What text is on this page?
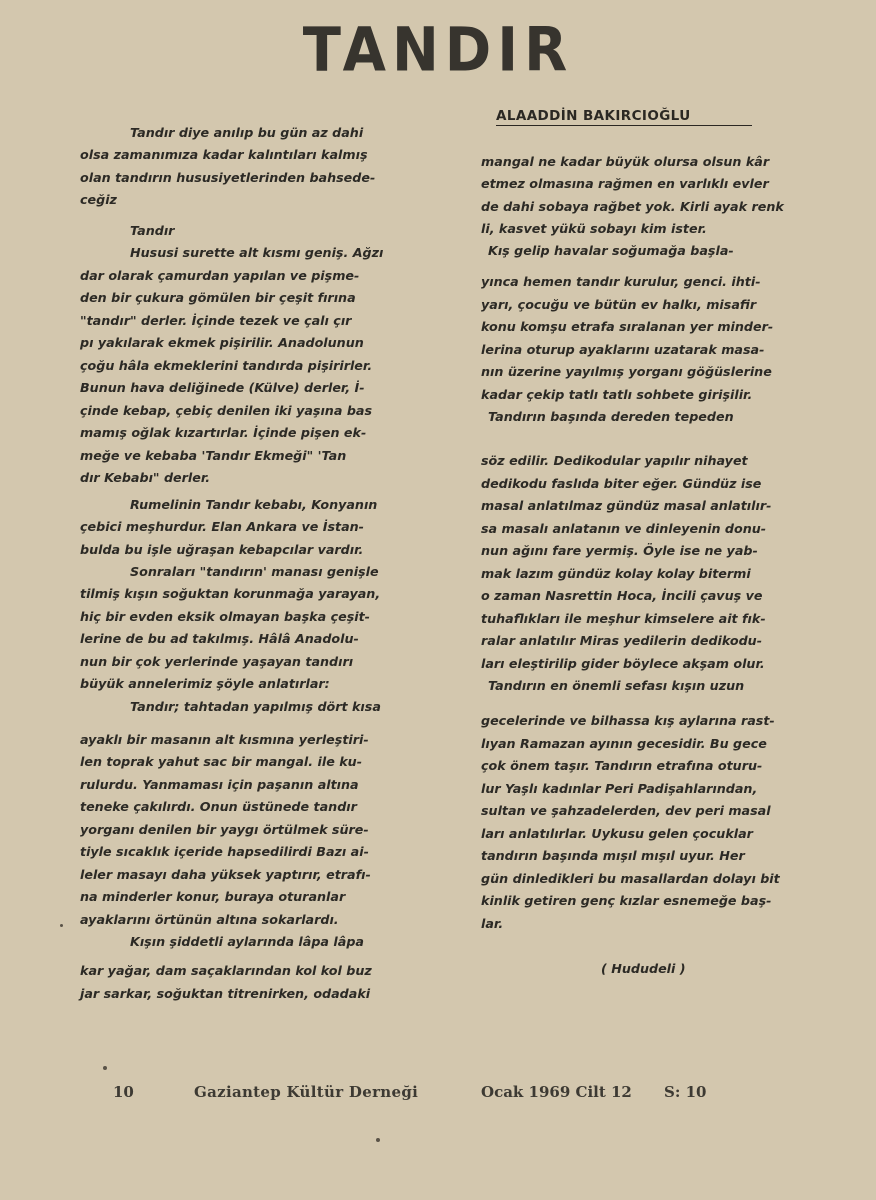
TANDIR
ALAADDİN BAKIRCIOĞLU
Tandır diye anılıp bu gün az dahi
olsa zamanımıza kadar kalıntıları kalmış
olan tandırın hususiyetlerinden bahsede-
ceğiz
Tandır
Hususi surette alt kısmı geniş. Ağzı
dar olarak çamurdan yapılan ve pişme-
den bir çukura gömülen bir çeşit fırına
"tandır" derler. İçinde tezek ve çalı çır
pı yakılarak ekmek pişirilir. Anadolunun
çoğu hâla ekmeklerini tandırda pişirirler.
Bunun hava deliğinede (Külve) derler, İ-
çinde kebap, çebiç denilen iki yaşına bas
mamış oğlak kızartırlar. İçinde pişen ek-
meğe ve kebaba 'Tandır Ekmeği" 'Tan
dır Kebabı" derler.
Rumelinin Tandır kebabı, Konyanın
çebici meşhurdur. Elan Ankara ve İstan-
bulda bu işle uğraşan kebapcılar vardır.
Sonraları "tandırın' manası genişle
tilmiş kışın soğuktan korunmağa yarayan,
hiç bir evden eksik olmayan başka çeşit-
lerine de bu ad takılmış. Hâlâ Anadolu-
nun bir çok yerlerinde yaşayan tandırı
büyük annelerimiz şöyle anlatırlar:
Tandır; tahtadan yapılmış dört kısa
ayaklı bir masanın alt kısmına yerleştiri-
len toprak yahut sac bir mangal. ile ku-
rulurdu. Yanmaması için paşanın altına
teneke çakılırdı. Onun üstünede tandır
yorganı denilen bir yaygı örtülmek süre-
tiyle sıcaklık içeride hapsedilirdi Bazı ai-
leler masayı daha yüksek yaptırır, etrafı-
na minderler konur, buraya oturanlar
ayaklarını örtünün altına sokarlardı.
Kışın şiddetli aylarında lâpa lâpa
kar yağar, dam saçaklarından kol kol buz
jar sarkar, soğuktan titrenirken, odadaki
mangal ne kadar büyük olursa olsun kâr
etmez olmasına rağmen en varlıklı evler
de dahi sobaya rağbet yok. Kirli ayak renk
li, kasvet yükü sobayı kim ister.
Kış gelip havalar soğumağa başla-
yınca hemen tandır kurulur, genci. ihti-
yarı, çocuğu ve bütün ev halkı, misafir
konu komşu etrafa sıralanan yer minder-
lerina oturup ayaklarını uzatarak masa-
nın üzerine yayılmış yorganı göğüslerine
kadar çekip tatlı tatlı sohbete girişilir.
Tandırın başında dereden tepeden
söz edilir. Dedikodular yapılır nihayet
dedikodu faslıda biter eğer. Gündüz ise
masal anlatılmaz gündüz masal anlatılır-
sa masalı anlatanın ve dinleyenin donu-
nun ağını fare yermiş. Öyle ise ne yab-
mak lazım gündüz kolay kolay bitermi
o zaman Nasrettin Hoca, İncili çavuş ve
tuhaflıkları ile meşhur kimselere ait fık-
ralar anlatılır Miras yedilerin dedikodu-
ları eleştirilip gider böylece akşam olur.
Tandırın en önemli sefası kışın uzun
gecelerinde ve bilhassa kış aylarına rast-
lıyan Ramazan ayının gecesidir. Bu gece
çok önem taşır. Tandırın etrafına oturu-
lur Yaşlı kadınlar Peri Padişahlarından,
sultan ve şahzadelerden, dev peri masal
ları anlatılırlar. Uykusu gelen çocuklar
tandırın başında mışıl mışıl uyur. Her
gün dinledikleri bu masallardan dolayı bit
kinlik getiren genç kızlar esnemeğe baş-
lar.
( Hududeli )
10	Gaziantep Kültür Derneği	Ocak 1969 Cilt 12 S: 10
